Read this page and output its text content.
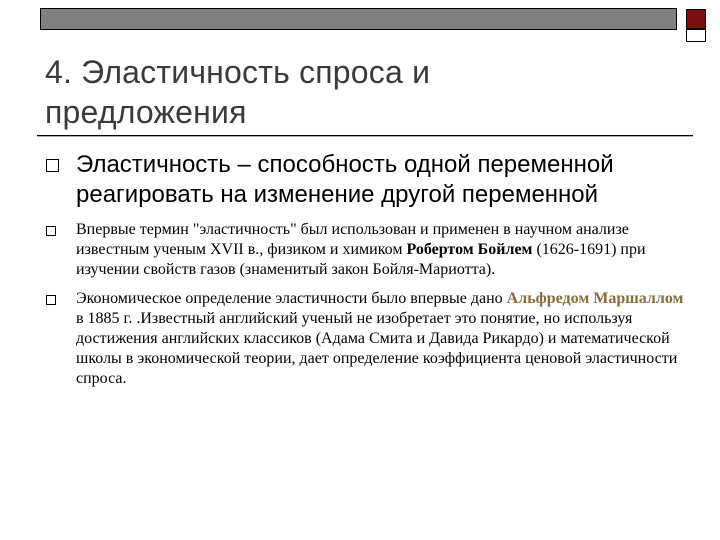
4. Эластичность спроса и
предложения
Эластичность – способность одной переменной реагировать на изменение другой переменной
Впервые термин "эластичность" был использован и применен в научном анализе известным ученым XVII в., физиком и химиком Робертом Бойлем (1626-1691) при изучении свойств газов (знаменитый закон Бойля-Мариотта).
Экономическое определение эластичности было впервые дано Альфредом Маршаллом в 1885 г. .Известный английский ученый не изобретает это понятие, но используя достижения английских классиков (Адама Смита и Давида Рикардо) и математической школы в экономической теории, дает определение коэффициента ценовой эластичности спроса.
